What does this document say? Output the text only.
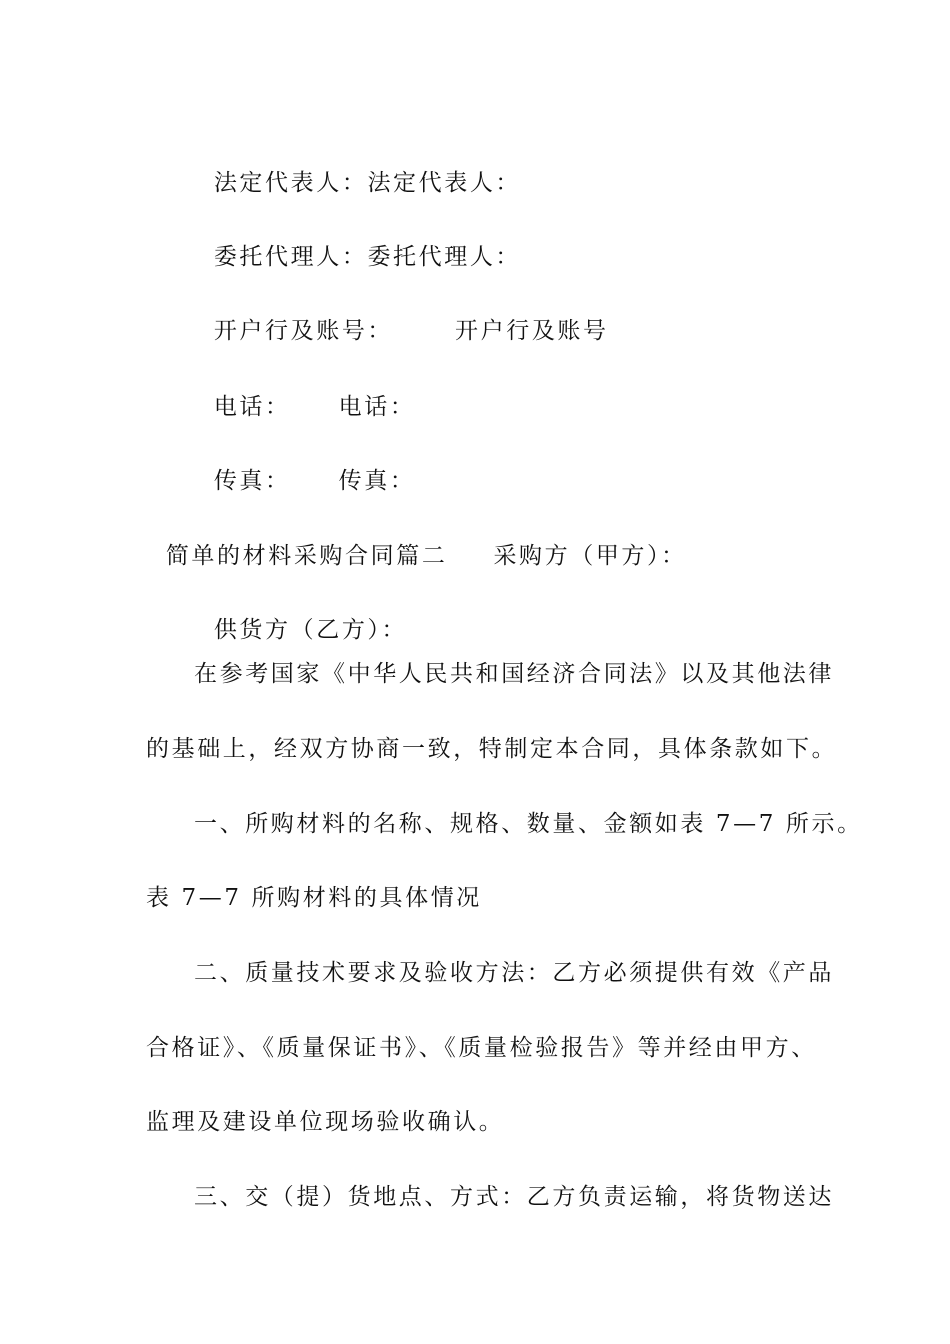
法定代表人：法定代表人：

委托代理人：委托代理人：

开户行及账号：	开户行及账号

电话： 电话：

传真： 传真：

简单的材料采购合同篇二 采购方（甲方）：

供货方（乙方）：

在参考国家《中华人民共和国经济合同法》以及其他法律
的基础上，经双方协商一致，特制定本合同，具体条款如下。
一、所购材料的名称、规格、数量、金额如表 7—7 所示。
表 7—7 所购材料的具体情况
二、质量技术要求及验收方法：乙方必须提供有效《产品
合格证》、《质量保证书》、《质量检验报告》等并经由甲方、
监理及建设单位现场验收确认。
三、交（提）货地点、方式：乙方负责运输，将货物送达
